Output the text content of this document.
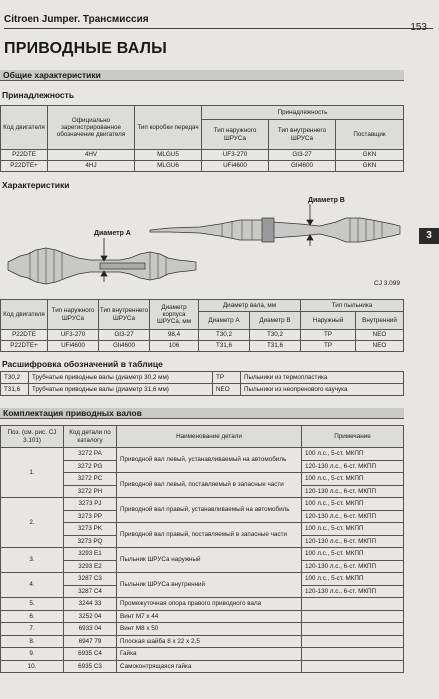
Citroen Jumper. Трансмиссия
153
ПРИВОДНЫЕ ВАЛЫ
Общие характеристики
Принадлежность
Код двигателя	Официально зарегистрированное обозначение двигателя	Тип коробки передач	Принадлежность		
			Тип наружного ШРУСа	Тип внутреннего ШРУСа	Поставщик
P22DTE	4HV	MLGU5	UF3-270	GI3-27	GKN
P22DTE+	4HJ	MLGU6	UFi4600	GIi4600	GKN
Характеристики
3
Диаметр А
Диаметр В
CJ 3.099
Код двигателя	Тип наружного ШРУСа	Тип внутреннего ШРУСа	Диаметр корпуса ШРУСа, мм	Диаметр вала, мм		Тип пыльника	
				Диаметр А	Диаметр В	Наружный	Внутренний
P22DTE	UF3-270	GI3-27	98,4	T30,2	T30,2	TP	NEO
P22DTE+	UFi4600	GIi4600	106	T31,6	T31,6	TP	NEO
Расшифровка обозначений в таблице
T30,2	Трубчатые приводные валы (диаметр 30,2 мм)	TP	Пыльники из термопластика
T31,6	Трубчатые приводные валы (диаметр 31,6 мм)	NEO	Пыльники из неопренового каучука
Комплектация приводных валов
Поз. (см. рис. CJ 3.101)	Код детали по каталогу	Наименование детали	Примечание
1.	3272 PA	Приводной вал левый, устанавливаемый на автомобиль	100 л.с., 5-ст. МКПП
	3272 PG		120-130 л.с., 6-ст. МКПП
	3272 PC	Приводной вал левый, поставляемый в запасные части	100 л.с., 5-ст. МКПП
	3272 PH		120-130 л.с., 6-ст. МКПП
2.	3273 PJ	Приводной вал правый, устанавливаемый на автомобиль	100 л.с., 5-ст. МКПП
	3273 PP		120-130 л.с., 6-ст. МКПП
	3273 PK	Приводной вал правый, поставляемый в запасные части	100 л.с., 5-ст. МКПП
	3273 PQ		120-130 л.с., 6-ст. МКПП
3.	3293 E1	Пыльник ШРУСа наружный	100 л.с., 5-ст. МКПП
	3293 E2		120-130 л.с., 6-ст. МКПП
4.	3287 C3	Пыльник ШРУСа внутренний	100 л.с., 5-ст. МКПП
	3287 C4		120-130 л.с., 6-ст. МКПП
5.	3244 33	Промежуточная опора правого приводного вала	
6.	3252 04	Винт М7 х 44	
7.	6933 04	Винт М8 х 50	
8.	6947 79	Плоская шайба 8 х 22 х 2,5	
9.	6935 C4	Гайка	
10.	6935 C3	Самоконтрящаяся гайка	
